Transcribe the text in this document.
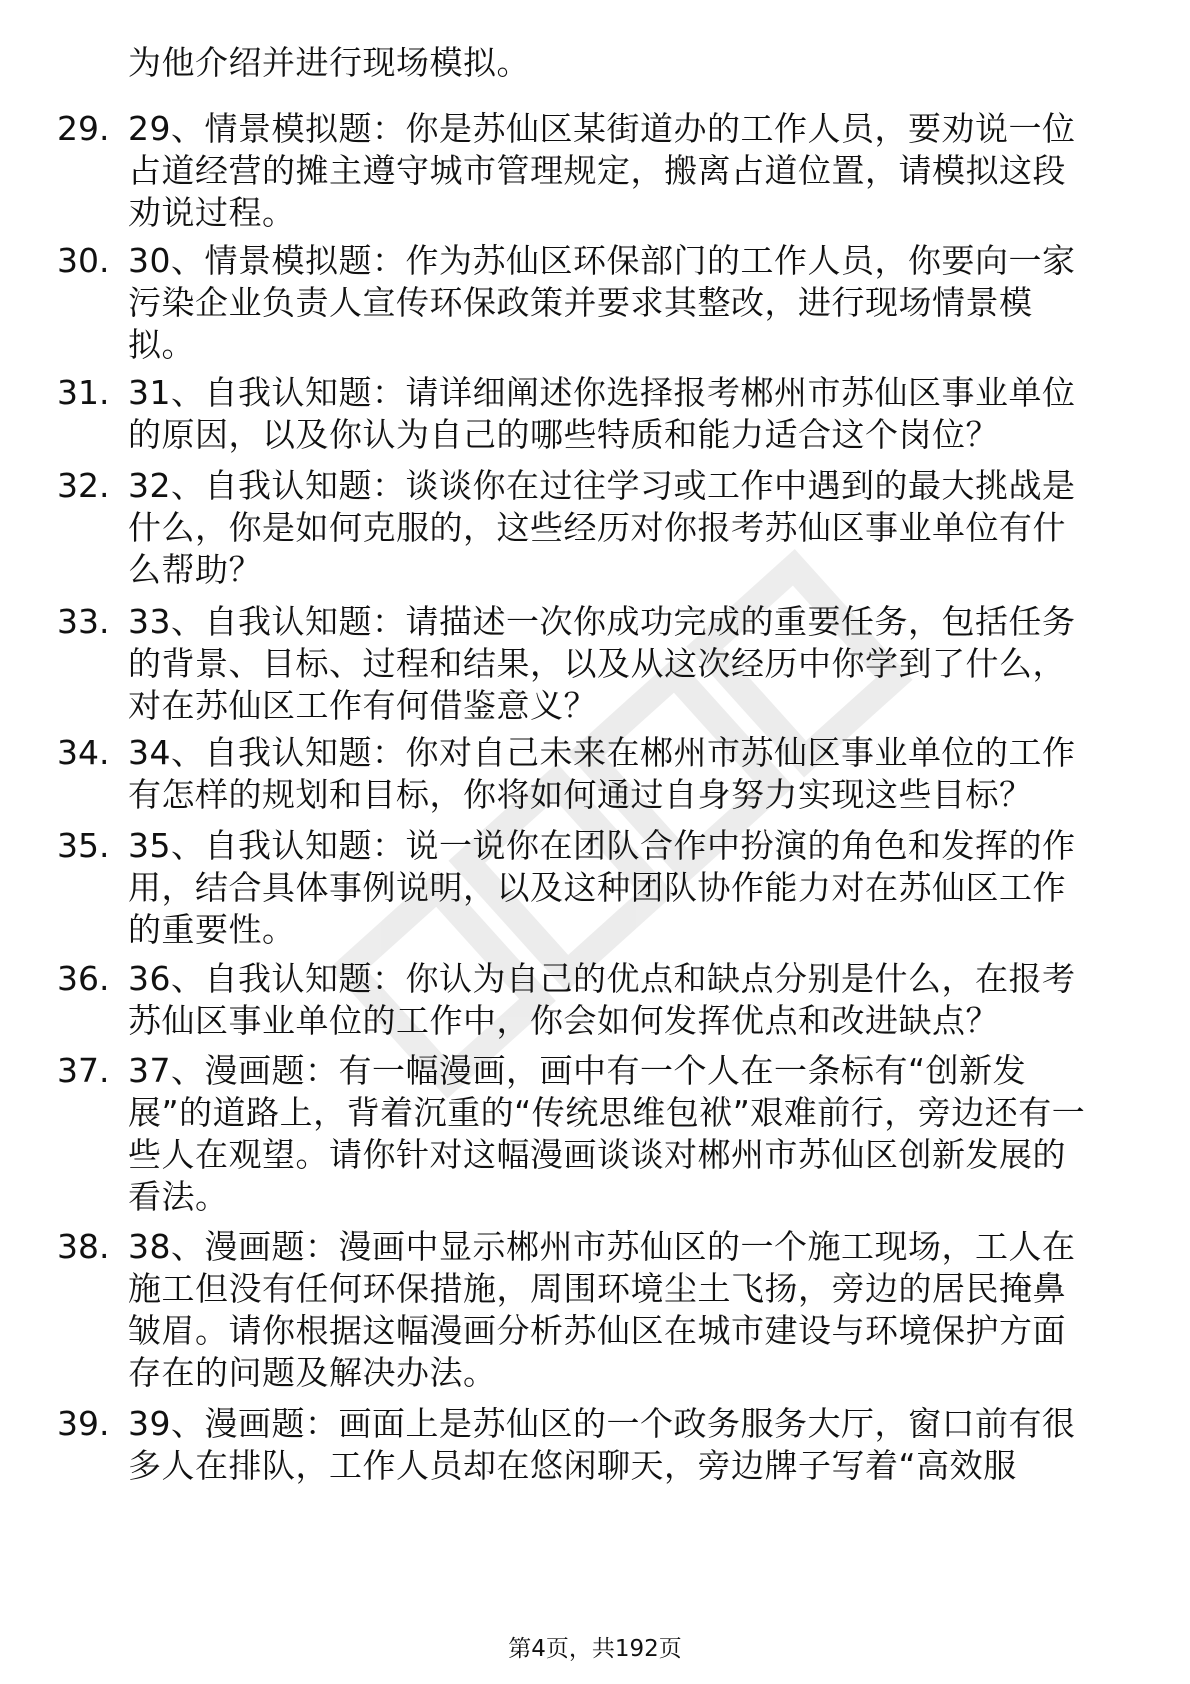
为他介绍并进行现场模拟。
29. 29、情景模拟题：你是苏仙区某街道办的工作人员，要劝说一位
占道经营的摊主遵守城市管理规定，搬离占道位置，请模拟这段
劝说过程。
30. 30、情景模拟题：作为苏仙区环保部门的工作人员，你要向一家
污染企业负责人宣传环保政策并要求其整改，进行现场情景模
拟。
31. 31、自我认知题：请详细阐述你选择报考郴州市苏仙区事业单位
的原因，以及你认为自己的哪些特质和能力适合这个岗位？
32. 32、自我认知题：谈谈你在过往学习或工作中遇到的最大挑战是
什么，你是如何克服的，这些经历对你报考苏仙区事业单位有什
么帮助？
33. 33、自我认知题：请描述一次你成功完成的重要任务，包括任务
的背景、目标、过程和结果，以及从这次经历中你学到了什么，
对在苏仙区工作有何借鉴意义？
34. 34、自我认知题：你对自己未来在郴州市苏仙区事业单位的工作
有怎样的规划和目标，你将如何通过自身努力实现这些目标？
35. 35、自我认知题：说一说你在团队合作中扮演的角色和发挥的作
用，结合具体事例说明，以及这种团队协作能力对在苏仙区工作
的重要性。
36. 36、自我认知题：你认为自己的优点和缺点分别是什么，在报考
苏仙区事业单位的工作中，你会如何发挥优点和改进缺点？
37. 37、漫画题：有一幅漫画，画中有一个人在一条标有“创新发
展”的道路上，背着沉重的“传统思维包袱”艰难前行，旁边还有一
些人在观望。请你针对这幅漫画谈谈对郴州市苏仙区创新发展的
看法。
38. 38、漫画题：漫画中显示郴州市苏仙区的一个施工现场，工人在
施工但没有任何环保措施，周围环境尘土飞扬，旁边的居民掩鼻
皱眉。请你根据这幅漫画分析苏仙区在城市建设与环境保护方面
存在的问题及解决办法。
39. 39、漫画题：画面上是苏仙区的一个政务服务大厅，窗口前有很
多人在排队，工作人员却在悠闲聊天，旁边牌子写着“高效服
第4页，共192页
